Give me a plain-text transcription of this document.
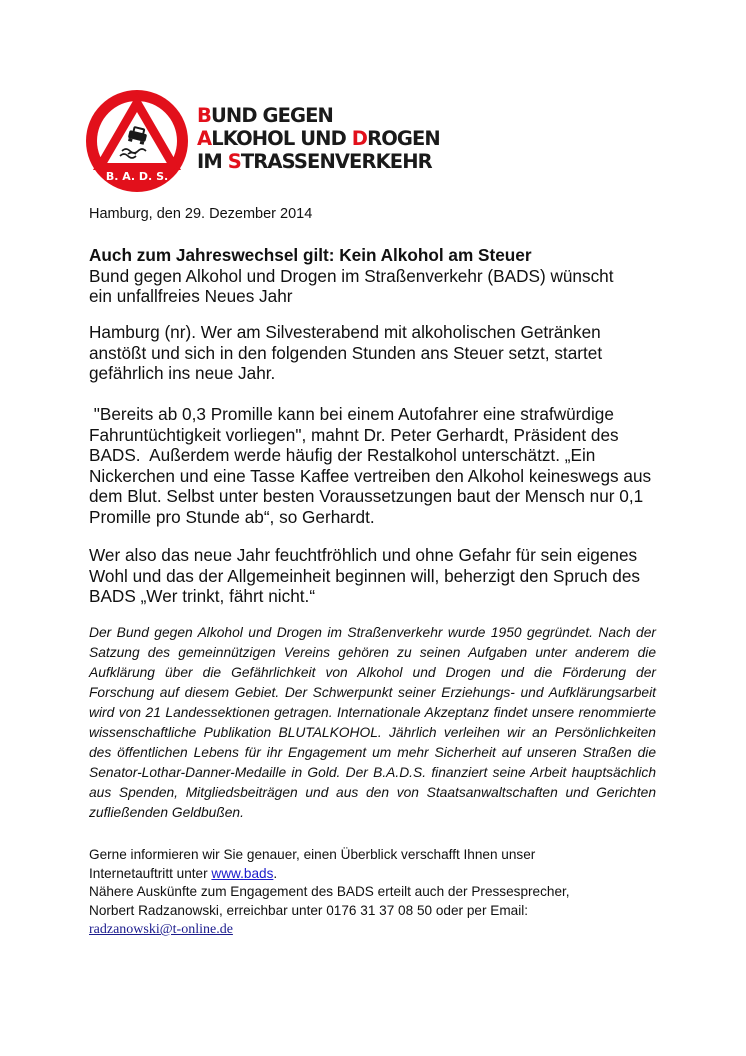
B. A. D. S.
BUND GEGEN
ALKOHOL UND DROGEN
IM STRASSENVERKEHR
Hamburg, den 29. Dezember 2014
Auch zum Jahreswechsel gilt: Kein Alkohol am Steuer
Bund gegen Alkohol und Drogen im Straßenverkehr (BADS) wünscht
ein unfallfreies Neues Jahr
Hamburg (nr). Wer am Silvesterabend mit alkoholischen Getränken anstößt und sich in den folgenden Stunden ans Steuer setzt, startet gefährlich ins neue Jahr.
"Bereits ab 0,3 Promille kann bei einem Autofahrer eine strafwürdige Fahruntüchtigkeit vorliegen", mahnt Dr. Peter Gerhardt, Präsident des BADS.  Außerdem werde häufig der Restalkohol unterschätzt. „Ein Nickerchen und eine Tasse Kaffee vertreiben den Alkohol keineswegs aus dem Blut. Selbst unter besten Voraussetzungen baut der Mensch nur 0,1 Promille pro Stunde ab“, so Gerhardt.
Wer also das neue Jahr feuchtfröhlich und ohne Gefahr für sein eigenes Wohl und das der Allgemeinheit beginnen will, beherzigt den Spruch des BADS „Wer trinkt, fährt nicht.“
Der Bund gegen Alkohol und Drogen im Straßenverkehr wurde 1950 gegründet. Nach der Satzung des gemeinnützigen Vereins gehören zu seinen Aufgaben unter anderem die Aufklärung über die Gefährlichkeit von Alkohol und Drogen und die Förderung der Forschung auf diesem Gebiet. Der Schwerpunkt seiner Erziehungs- und Aufklärungsarbeit wird von 21 Landessektionen getragen. Internationale Akzeptanz findet unsere renommierte wissenschaftliche Publikation BLUTALKOHOL. Jährlich verleihen wir an Persönlichkeiten des öffentlichen Lebens für ihr Engagement um mehr Sicherheit auf unseren Straßen die Senator-Lothar-Danner-Medaille in Gold. Der B.A.D.S. finanziert seine Arbeit hauptsächlich aus Spenden, Mitgliedsbeiträgen und aus den von Staatsanwaltschaften und Gerichten zufließenden Geldbußen.
Gerne informieren wir Sie genauer, einen Überblick verschafft Ihnen unser
Internetauftritt unter www.bads.
Nähere Auskünfte zum Engagement des BADS erteilt auch der Pressesprecher,
Norbert Radzanowski, erreichbar unter 0176 31 37 08 50 oder per Email:
radzanowski@t-online.de
